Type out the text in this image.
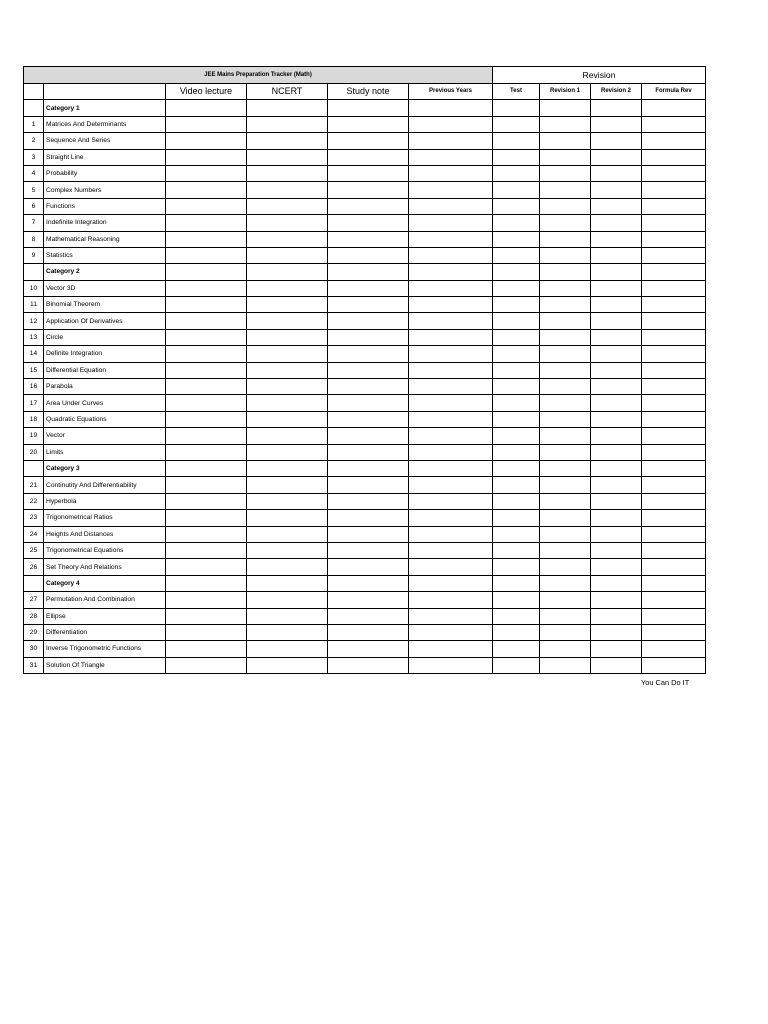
JEE Mains Preparation Tracker (Math)						Revision			
		Video lecture	NCERT	Study note	Previous Years	Test	Revision 1	Revision 2	Formula Rev
	Category 1								
1	Matrices And Determinants								
2	Sequence And Series								
3	Straight Line								
4	Probability								
5	Complex Numbers								
6	Functions								
7	Indefinite Integration								
8	Mathematical Reasoning								
9	Statistics								
	Category 2								
10	Vector 3D								
11	Binomial Theorem								
12	Application Of Derivatives								
13	Circle								
14	Definite Integration								
15	Differential Equation								
16	Parabola								
17	Area Under Curves								
18	Quadratic Equations								
19	Vector								
20	Limits								
	Category 3								
21	Continutity And Differentiability								
22	Hyperbola								
23	Trigonometrical Ratios								
24	Heights And Distances								
25	Trigonometrical Equations								
26	Set Theory And Relations								
	Category 4								
27	Permutation And Combination								
28	Ellipse								
29	Differentiation								
30	Inverse Trigonometric Functions								
31	Solution Of Triangle								
You Can Do IT
